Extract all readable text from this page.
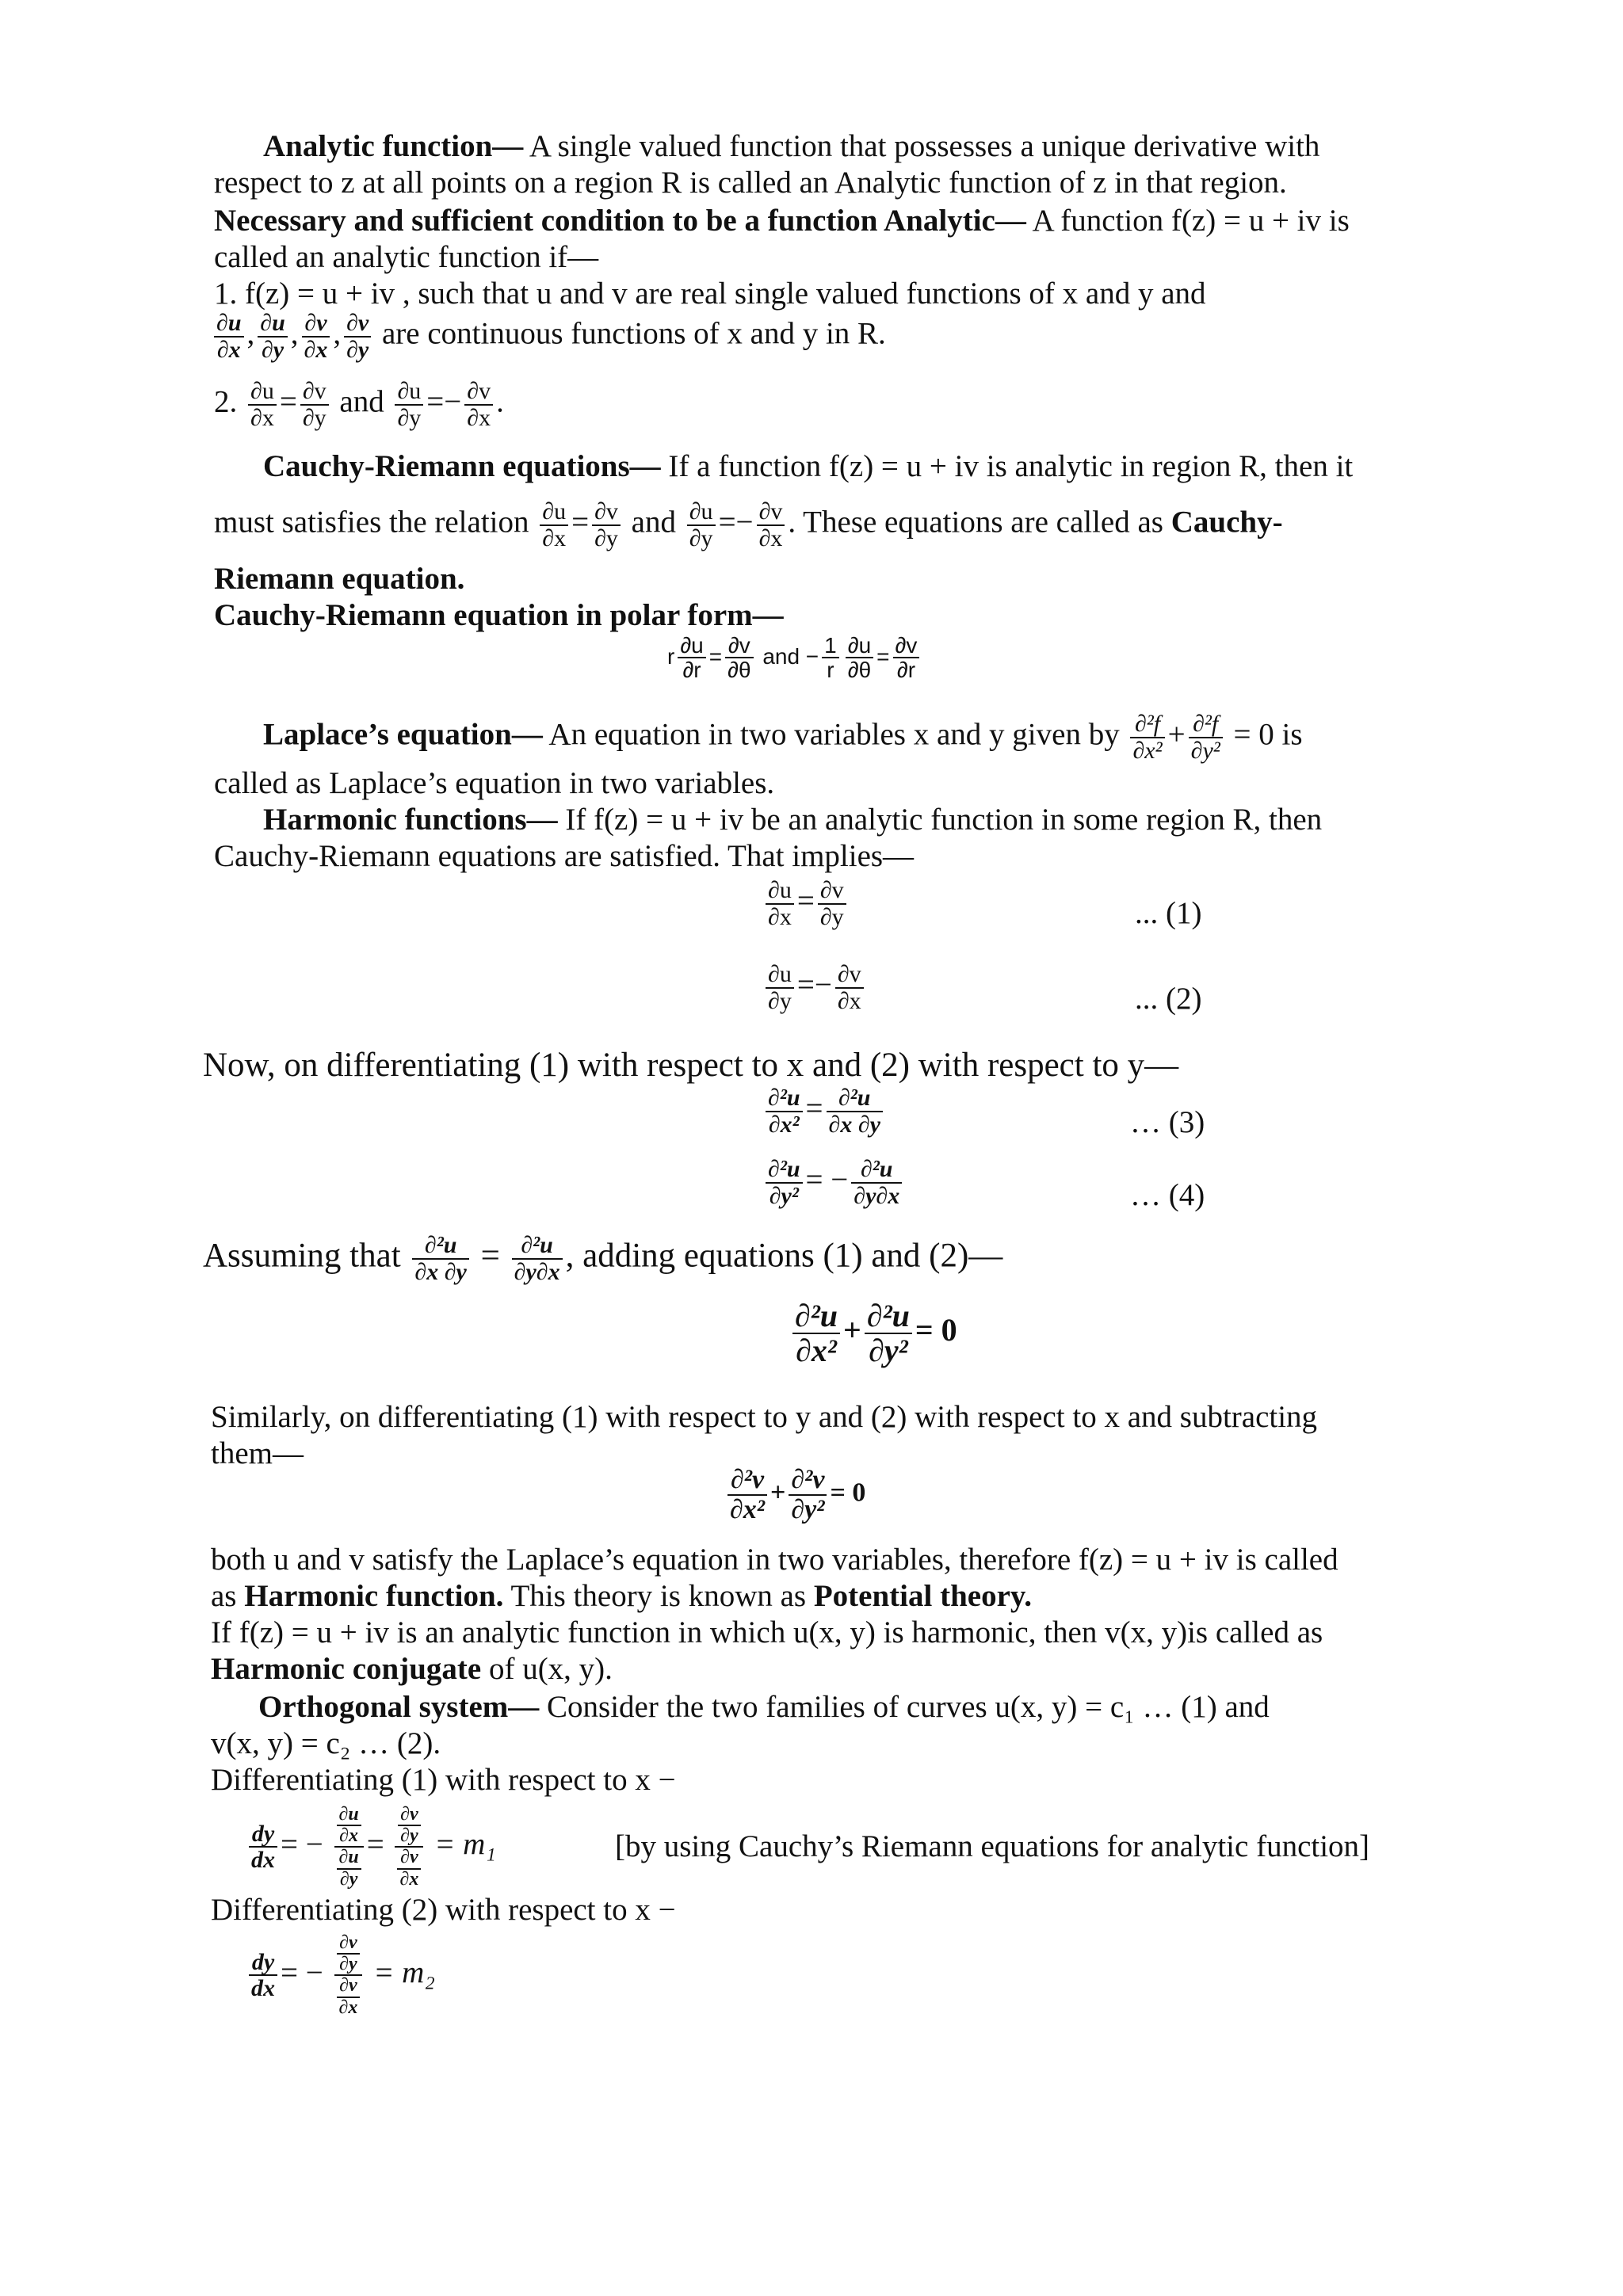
Analytic function— A single valued function that possesses a unique derivative with
respect to z at all points on a region R is called an Analytic function of z in that region.
Necessary and sufficient condition to be a function Analytic— A function f(z) = u + iv is
called an analytic function if—
1. f(z) = u + iv , such that u and v are real single valued functions of x and y and
$\frac{\partial u}{\partial x}$ , $\frac{\partial u}{\partial y}$ , $\frac{\partial v}{\partial x}$ , $\frac{\partial v}{\partial y}$ are continuous functions of x and y in R.
2. $\frac{\partial u}{\partial x} = \frac{\partial v}{\partial y}$ and $\frac{\partial u}{\partial y} =- \frac{\partial v}{\partial x}$ .
Cauchy-Riemann equations— If a function f(z) = u + iv is analytic in region R, then it
must satisfies the relation $\frac{\partial u}{\partial x} = \frac{\partial v}{\partial y}$ and $\frac{\partial u}{\partial y} =- \frac{\partial v}{\partial x}$ . These equations are called as Cauchy-
Riemann equation.
Cauchy-Riemann equation in polar form—
r $\frac{\partial u}{\partial r} = \frac{\partial v}{\partial\theta}$ and − $\frac{1}{r} \frac{\partial u}{\partial\theta} = \frac{\partial v}{\partial r}$
Laplace’s equation— An equation in two variables x and y given by $\frac{\text{∂²f}}{\text{∂x²}} + \frac{\text{∂²f}}{\text{∂y²}} = 0$ is
called as Laplace’s equation in two variables.
Harmonic functions— If f(z) = u + iv be an analytic function in some region R, then
Cauchy-Riemann equations are satisfied. That implies—
$\frac{\partial u}{\partial x} = \frac{\partial v}{\partial y}$	... (1)
$\frac{\partial u}{\partial y} =- \frac{\partial v}{\partial x}$	... (2)
Now, on differentiating (1) with respect to x and (2) with respect to y—
$\frac{\text{∂²u}}{\text{∂x²}} = \frac{\text{∂²u}}{\partial x \partial y}$	… (3)
$\frac{\text{∂²u}}{\text{∂y²}}$ = − $\frac{\text{∂²u}}{\partial y\partial x}$	… (4)
Assuming that $\frac{\text{∂²u}}{\partial x \partial y} = \frac{\text{∂²u}}{\partial y\partial x}$ , adding equations (1) and (2)—
$\frac{\text{∂²u}}{\text{∂x²}} + \frac{\text{∂²u}}{\text{∂y²}} = 0$
Similarly, on differentiating (1) with respect to y and (2) with respect to x and subtracting
them—
$\frac{\text{∂²v}}{\text{∂x²}} + \frac{\text{∂²v}}{\text{∂y²}} = 0$
both u and v satisfy the Laplace’s equation in two variables, therefore f(z) = u + iv is called
as Harmonic function. This theory is known as Potential theory.
If f(z) = u + iv is an analytic function in which u(x, y) is harmonic, then v(x, y)is called as
Harmonic conjugate of u(x, y).
Orthogonal system— Consider the two families of curves u(x, y) = c₁ … (1) and
v(x, y) = c₂ … (2).
Differentiating (1) with respect to x −
$\frac{dy}{dx}$ = − $\frac{\frac{\partial u}{\partial x}}{\frac{\partial u}{\partial y}} = \frac{\frac{\partial v}{\partial y}}{\frac{\partial v}{\partial x}} = m_1$	[by using Cauchy’s Riemann equations for analytic function]
Differentiating (2) with respect to x −
$\frac{dy}{dx}$ = − $\frac{\frac{\partial v}{\partial y}}{\frac{\partial v}{\partial x}} = m_2$
